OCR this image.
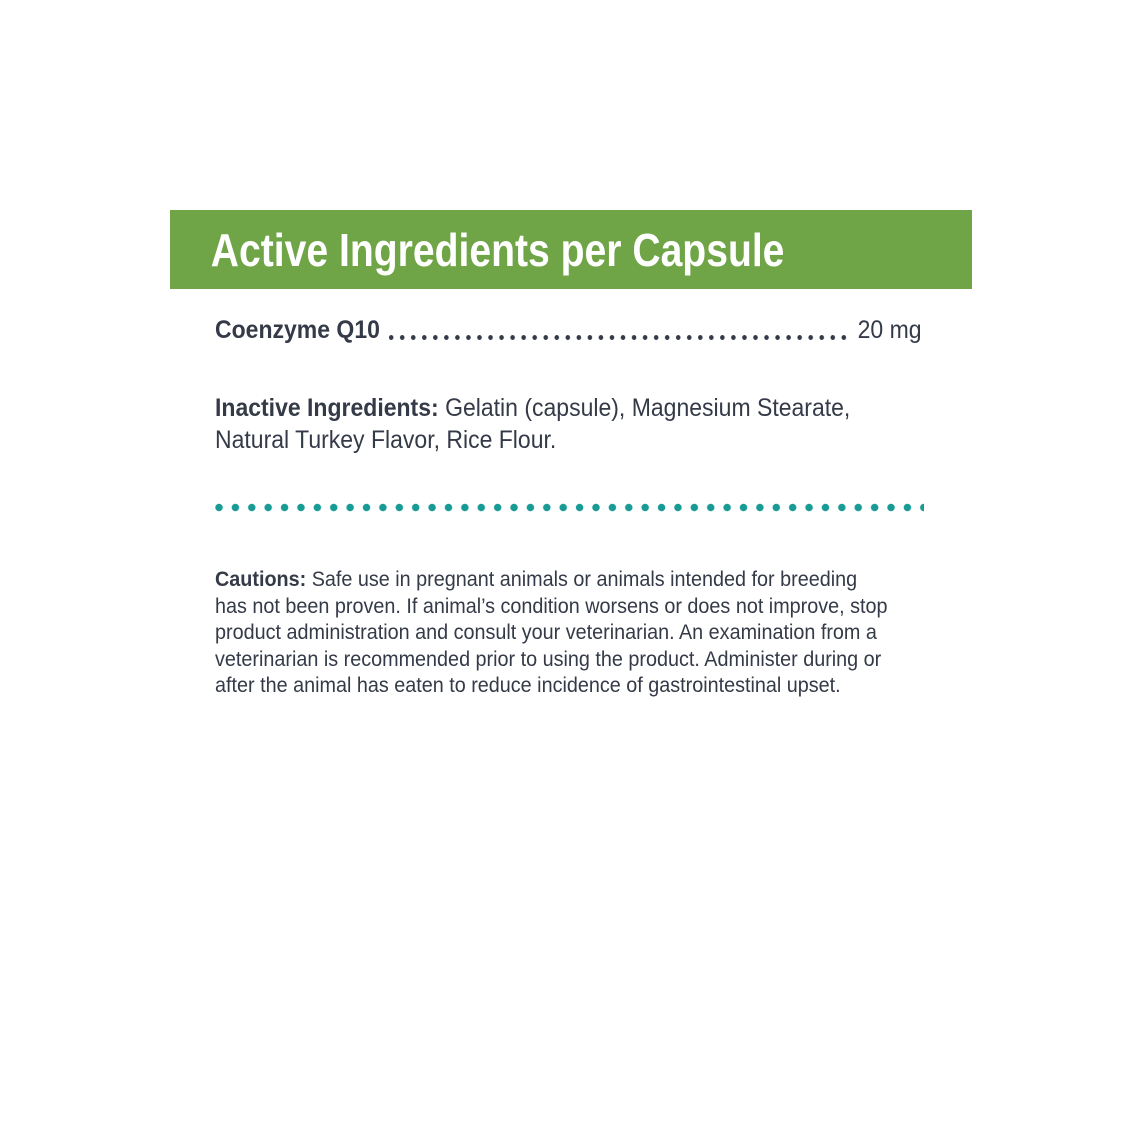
Active Ingredients per Capsule
Coenzyme Q10	20 mg
Inactive Ingredients: Gelatin (capsule), Magnesium Stearate, Natural Turkey Flavor, Rice Flour.
Cautions: Safe use in pregnant animals or animals intended for breeding has not been proven. If animal’s condition worsens or does not improve, stop product administration and consult your veterinarian. An examination from a veterinarian is recommended prior to using the product. Administer during or after the animal has eaten to reduce incidence of gastrointestinal upset.
